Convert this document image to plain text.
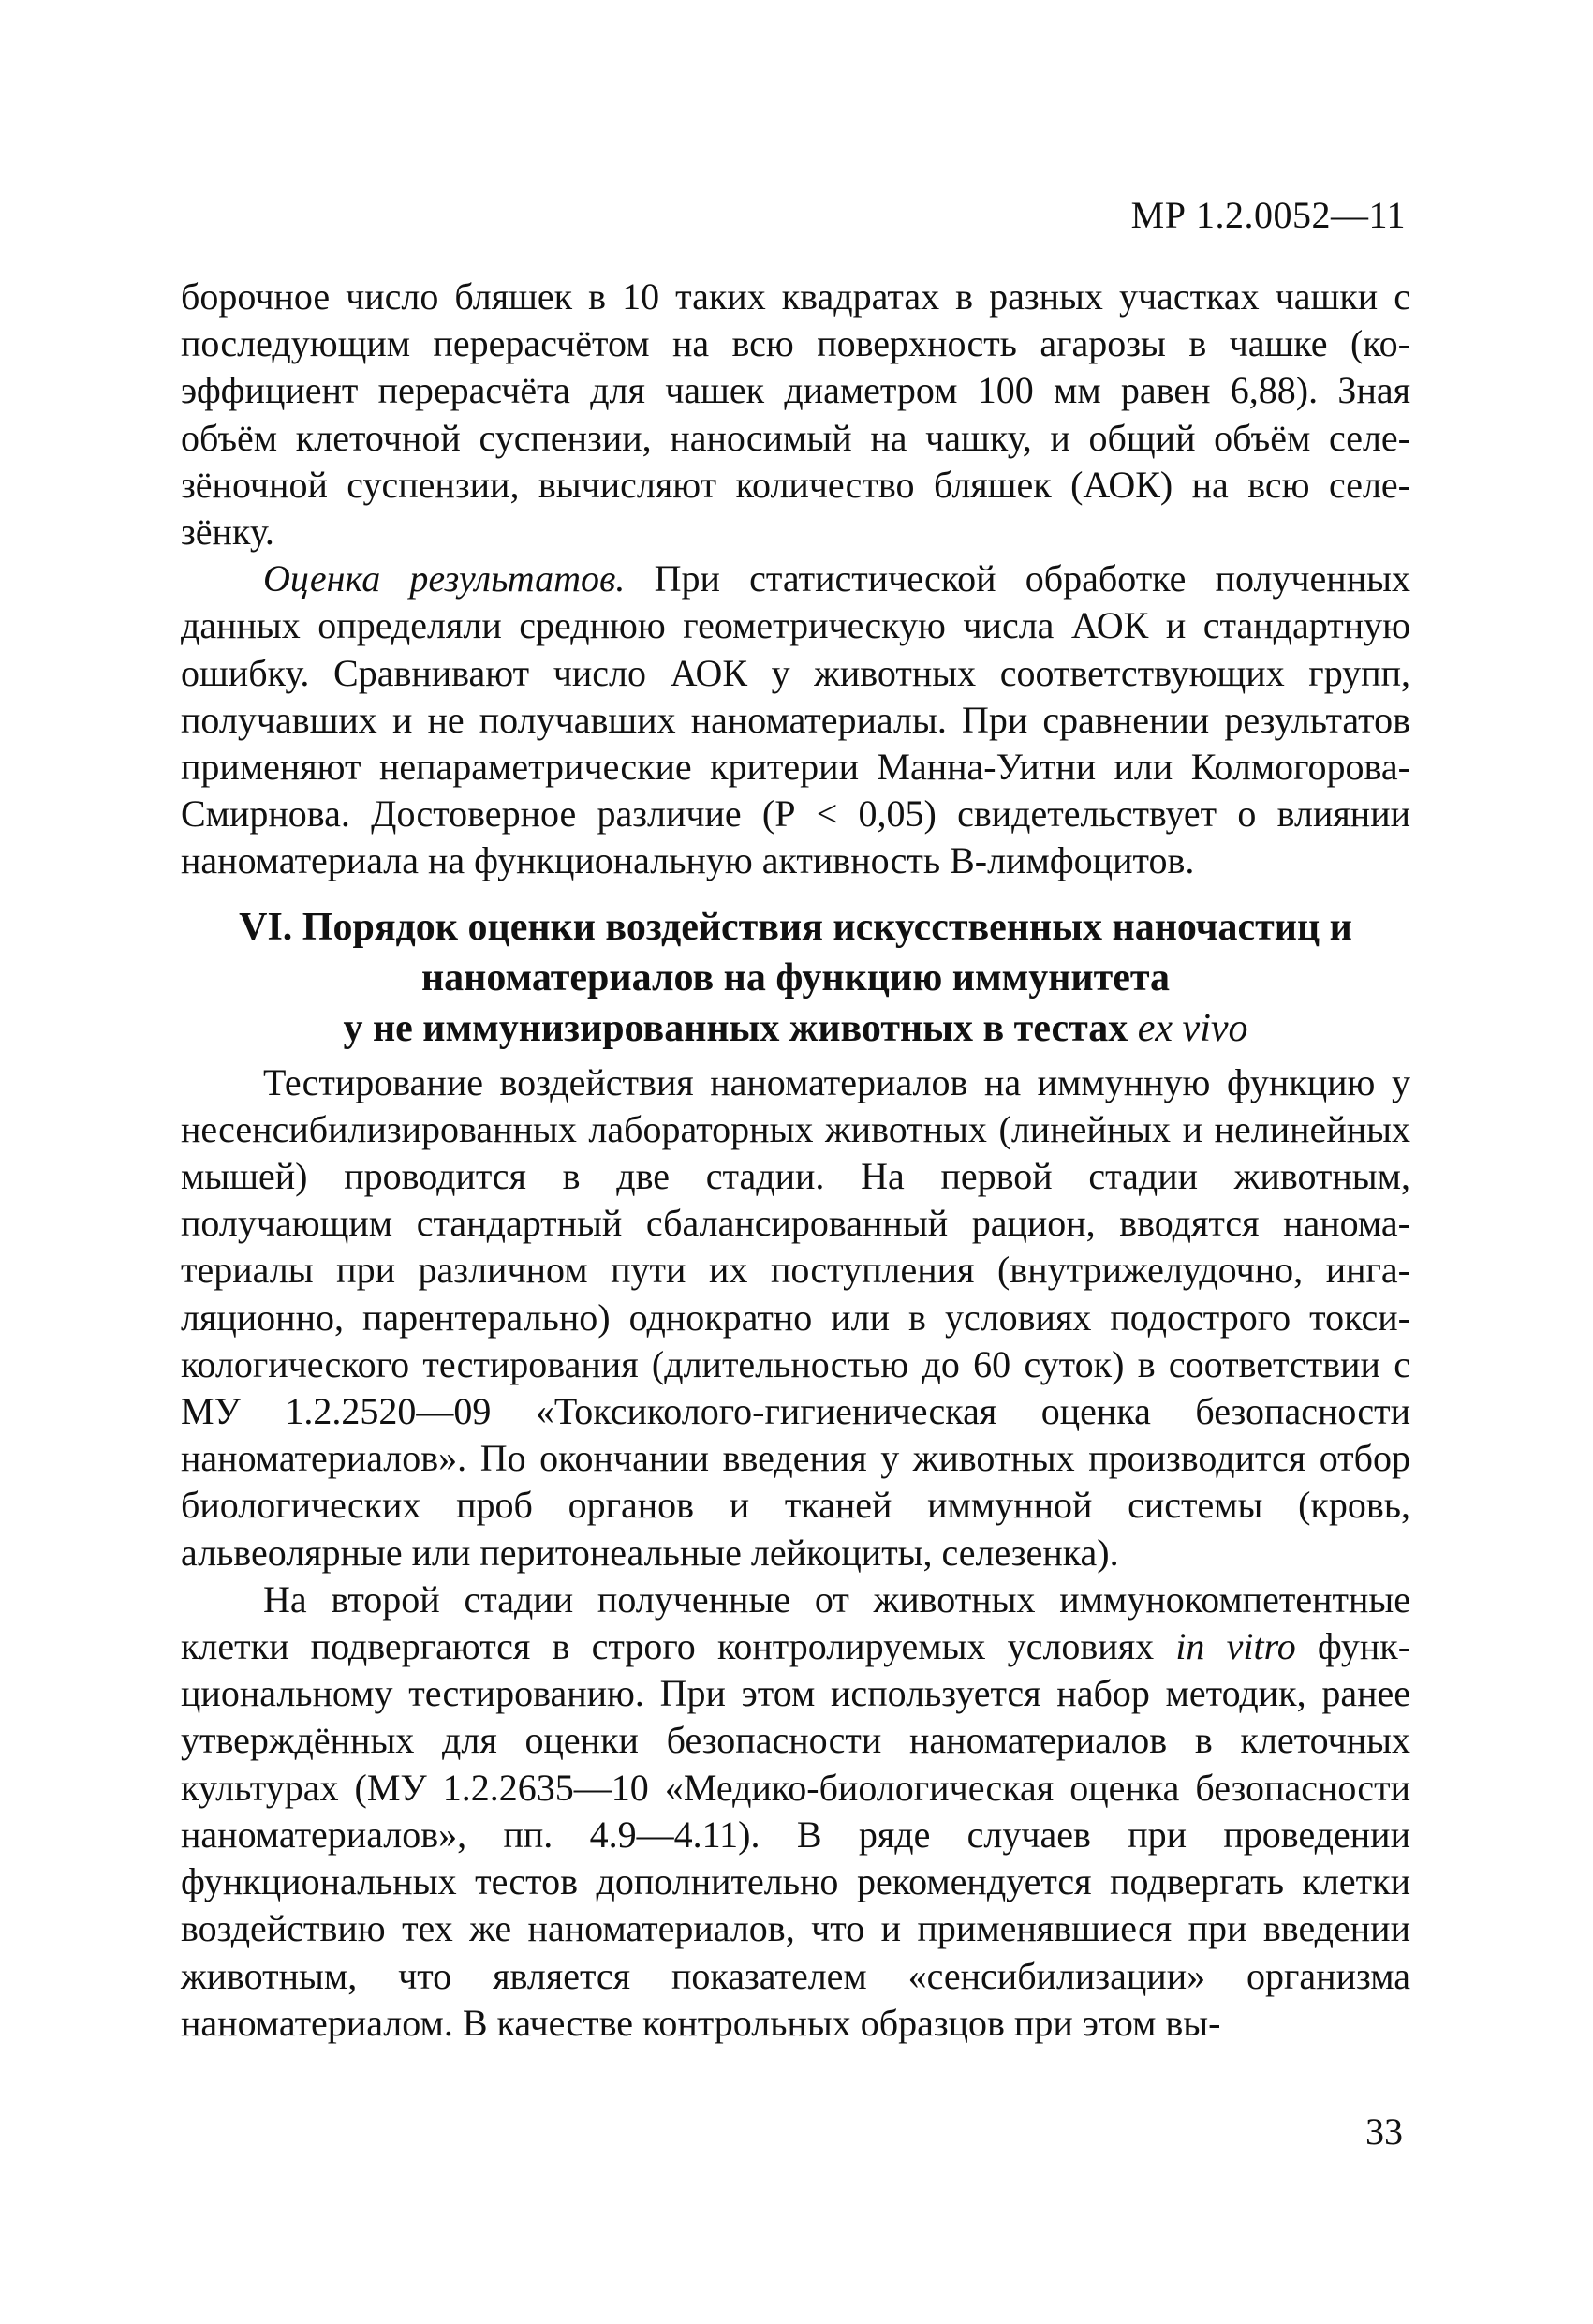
МР 1.2.0052—11

борочное число бляшек в 10 таких квадратах в разных участках чашки с последующим перерасчётом на всю поверхность агарозы в чашке (коэффициент перерасчёта для чашек диаметром 100 мм равен 6,88). Зная объём клеточной суспензии, наносимый на чашку, и общий объём селезёночной суспензии, вычисляют количество бляшек (АОК) на всю селезёнку.

Оценка результатов. При статистической обработке полученных данных определяли среднюю геометрическую числа АОК и стандартную ошибку. Сравнивают число АОК у животных соответствующих групп, получавших и не получавших наноматериалы. При сравнении результатов применяют непараметрические критерии Манна-Уитни или Колмогорова-Смирнова. Достоверное различие (Р < 0,05) свидетельствует о влиянии наноматериала на функциональную активность В-лимфоцитов.

VI. Порядок оценки воздействия искусственных наночастиц и
наноматериалов на функцию иммунитета
у не иммунизированных животных в тестах ex vivo

Тестирование воздействия наноматериалов на иммунную функцию у несенсибилизированных лабораторных животных (линейных и нелинейных мышей) проводится в две стадии. На первой стадии животным, получающим стандартный сбалансированный рацион, вводятся наноматериалы при различном пути их поступления (внутрижелудочно, ингаляционно, парентерально) однократно или в условиях подострого токсикологического тестирования (длительностью до 60 суток) в соответствии с МУ 1.2.2520—09 «Токсиколого-гигиеническая оценка безопасности наноматериалов». По окончании введения у животных производится отбор биологических проб органов и тканей иммунной системы (кровь, альвеолярные или перитонеальные лейкоциты, селезенка).

На второй стадии полученные от животных иммунокомпетентные клетки подвергаются в строго контролируемых условиях in vitro функциональному тестированию. При этом используется набор методик, ранее утверждённых для оценки безопасности наноматериалов в клеточных культурах (МУ 1.2.2635—10 «Медико-биологическая оценка безопасности наноматериалов», пп. 4.9—4.11). В ряде случаев при проведении функциональных тестов дополнительно рекомендуется подвергать клетки воздействию тех же наноматериалов, что и применявшиеся при введении животным, что является показателем «сенсибилизации» организма наноматериалом. В качестве контрольных образцов при этом вы-

33
